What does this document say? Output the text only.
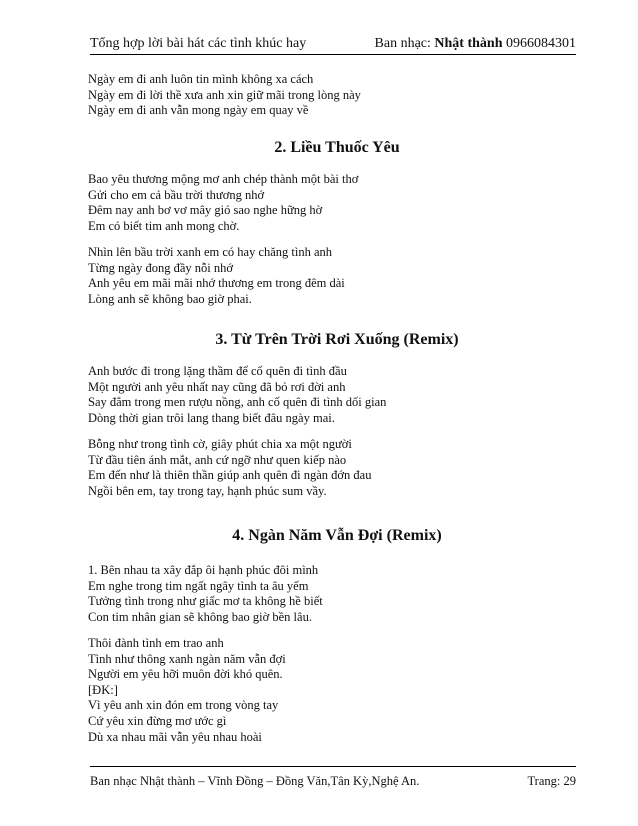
Tổng hợp lời bài hát các tình khúc hay	Ban nhạc: Nhật thành 0966084301
Ngày em đi anh luôn tin mình không xa cách
Ngày em đi lời thề xưa anh xin giữ mãi trong lòng này
Ngày em đi anh vẫn mong ngày em quay về
2. Liều Thuốc Yêu
Bao yêu thương mộng mơ anh chép thành một bài thơ
Gửi cho em cả bầu trời thương nhớ
Đêm nay anh bơ vơ mây gió sao nghe hững hờ
Em có biết tim anh mong chờ.
Nhìn lên bầu trời xanh em có hay chăng tình anh
Từng ngày đong đầy nỗi nhớ
Anh yêu em mãi mãi nhớ thương em trong đêm dài
Lòng anh sẽ không bao giờ phai.
3. Từ Trên Trời Rơi Xuống (Remix)
Anh bước đi trong lặng thầm để cố quên đi tình đầu
Một người anh yêu nhất nay cũng đã bỏ rơi đời anh
Say đắm trong men rượu nồng, anh cố quên đi tình dối gian
Dòng thời gian trôi lang thang biết đâu ngày mai.
Bỗng như trong tình cờ, giây phút chia xa một người
Từ đầu tiên ánh mắt, anh cứ ngỡ như quen kiếp nào
Em đến như là thiên thần giúp anh quên đi ngàn đớn đau
Ngồi bên em, tay trong tay, hạnh phúc sum vầy.
4. Ngàn Năm Vẫn Đợi (Remix)
1. Bên nhau ta xây đắp ôi hạnh phúc đôi mình
Em nghe trong tim ngất ngây tình ta âu yếm
Tưởng tình trong như giấc mơ ta không hề biết
Con tim nhân gian sẽ không bao giờ bền lâu.
Thôi đành tình em trao anh
Tình như thông xanh ngàn năm vẫn đợi
Người em yêu hỡi muôn đời khó quên.
[ĐK:]
Vì yêu anh xin đón em trong vòng tay
Cứ yêu xin đừng mơ ước gì
Dù xa nhau mãi vẫn yêu nhau hoài
Ban nhạc Nhật thành – Vĩnh Đồng – Đồng Văn,Tân Kỳ,Nghệ An.	Trang: 29
